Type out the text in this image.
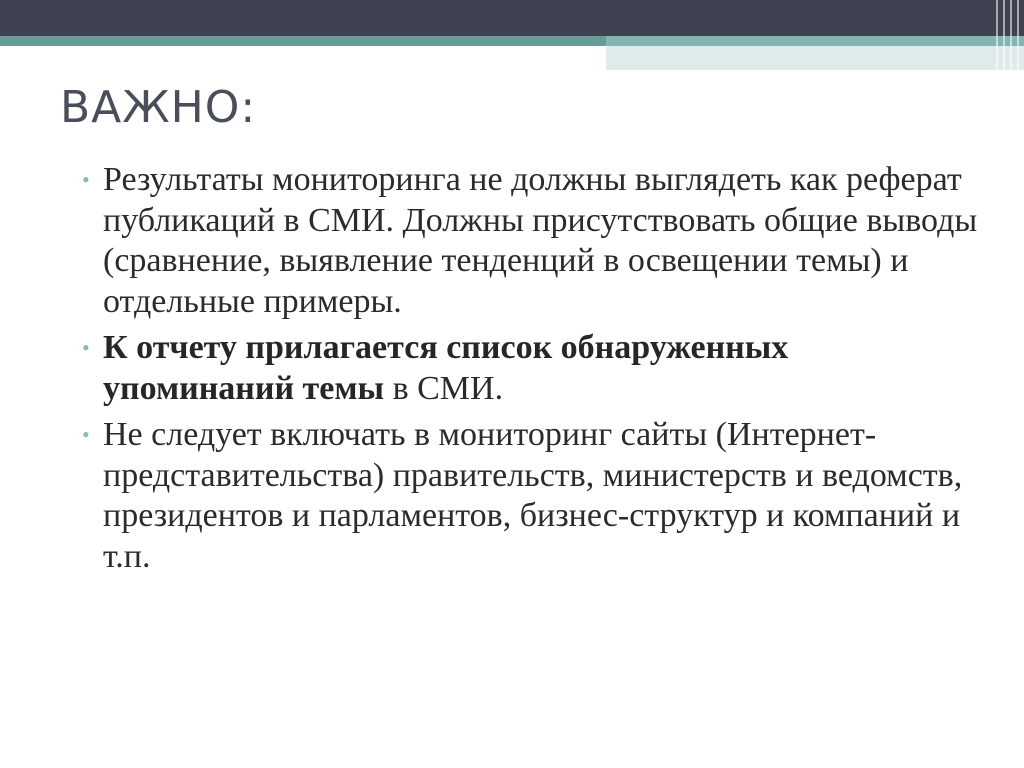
ВАЖНО:
• Результаты мониторинга не должны выглядеть как реферат публикаций в СМИ. Должны присутствовать общие выводы (сравнение, выявление тенденций в освещении темы) и отдельные примеры.
• К отчету прилагается список обнаруженных упоминаний темы в СМИ.
• Не следует включать в мониторинг сайты (Интернет-представительства) правительств, министерств и ведомств, президентов и парламентов, бизнес-структур и компаний и т.п.
